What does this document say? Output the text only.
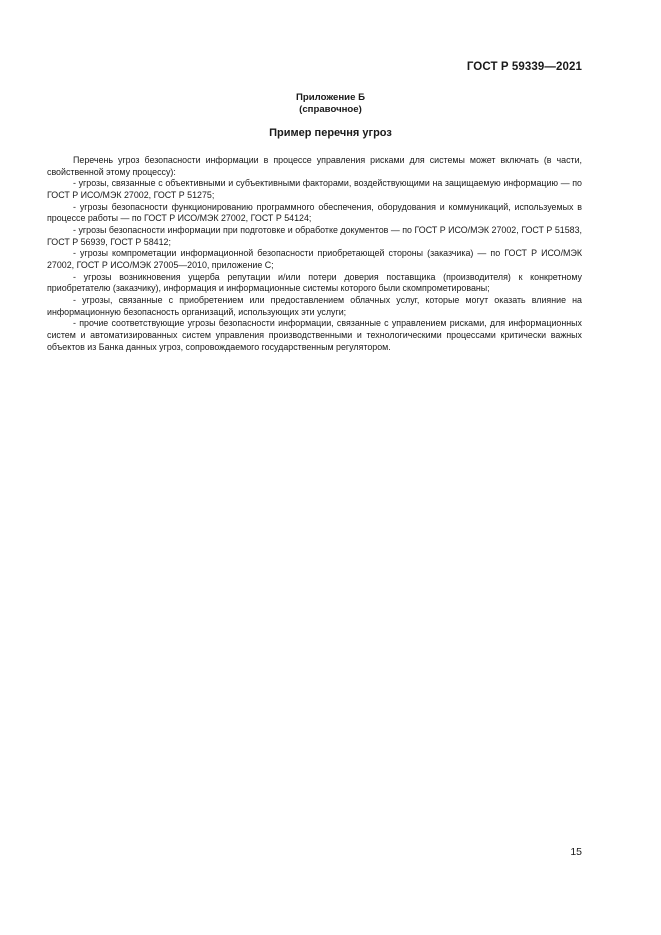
ГОСТ Р 59339—2021
Приложение Б
(справочное)
Пример перечня угроз

Перечень угроз безопасности информации в процессе управления рисками для системы может включать (в части, свойственной этому процессу):

- угрозы, связанные с объективными и субъективными факторами, воздействующими на защищаемую информацию — по ГОСТ Р ИСО/МЭК 27002, ГОСТ Р 51275;

- угрозы безопасности функционированию программного обеспечения, оборудования и коммуникаций, используемых в процессе работы — по ГОСТ Р ИСО/МЭК 27002, ГОСТ Р 54124;

- угрозы безопасности информации при подготовке и обработке документов — по ГОСТ Р ИСО/МЭК 27002, ГОСТ Р 51583, ГОСТ Р 56939, ГОСТ Р 58412;

- угрозы компрометации информационной безопасности приобретающей стороны (заказчика) — по ГОСТ Р ИСО/МЭК 27002, ГОСТ Р ИСО/МЭК 27005—2010, приложение С;

- угрозы возникновения ущерба репутации и/или потери доверия поставщика (производителя) к конкретному приобретателю (заказчику), информация и информационные системы которого были скомпрометированы;

- угрозы, связанные с приобретением или предоставлением облачных услуг, которые могут оказать влияние на информационную безопасность организаций, использующих эти услуги;

- прочие соответствующие угрозы безопасности информации, связанные с управлением рисками, для информационных систем и автоматизированных систем управления производственными и технологическими процессами критически важных объектов из Банка данных угроз, сопровождаемого государственным регулятором.

15
